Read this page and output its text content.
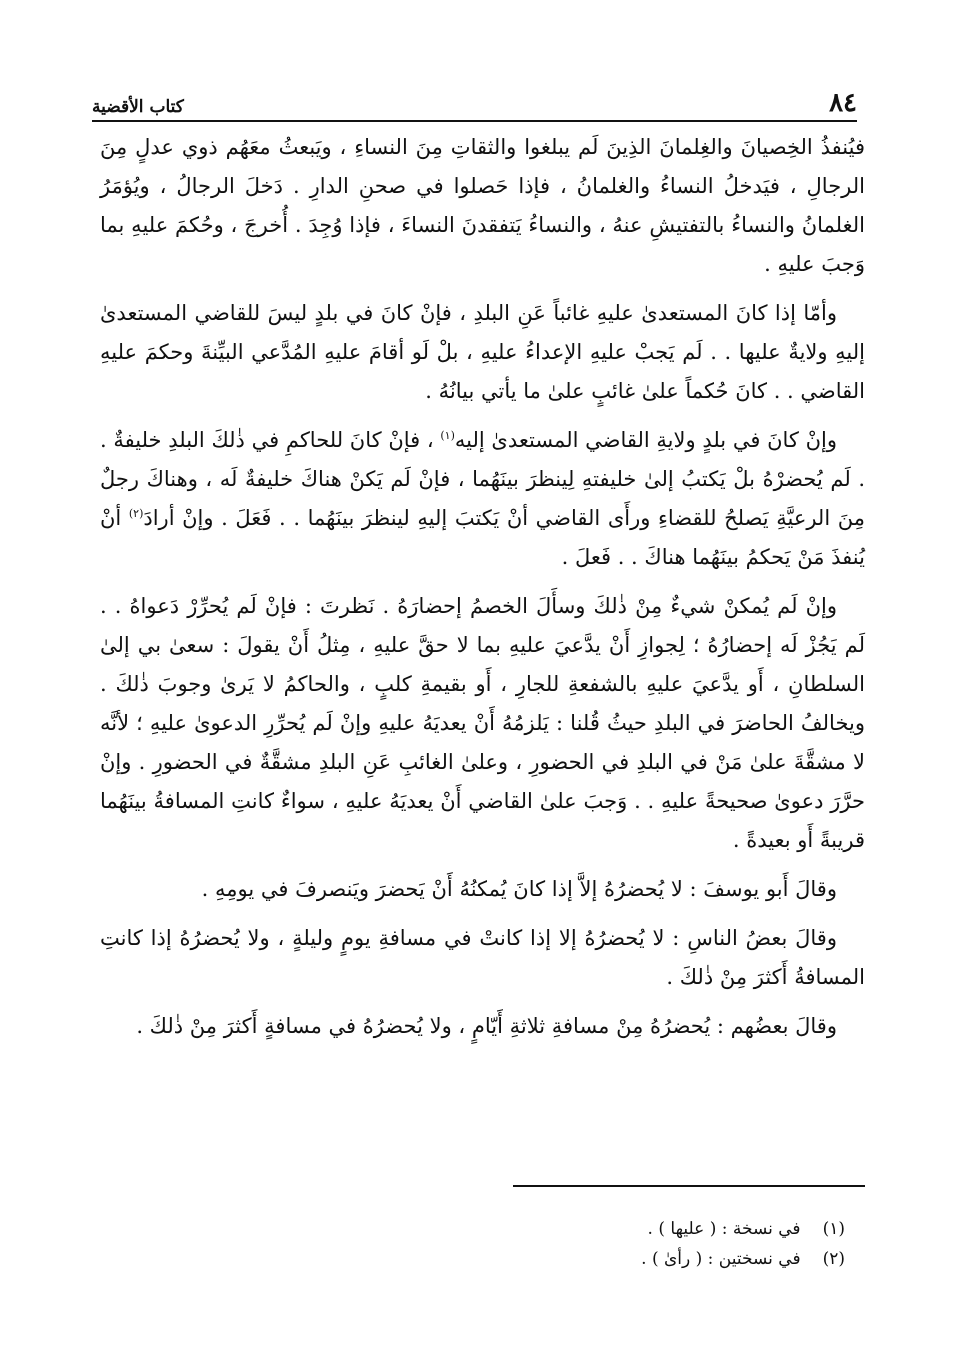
٨٤
كتاب الأقضية

فيُنفذُ الخِصيانَ والغِلمانَ الذِينَ لَم يبلغوا والثقاتِ مِنَ النساءِ ، ويَبعثُ معَهُم ذوي عدلٍ مِنَ الرجالِ ، فيَدخلُ النساءُ والغلمانُ ، فإذا حَصلوا في صحنِ الدارِ . دَخلَ الرجالُ ، ويُؤمَرُ الغلمانُ والنساءُ بالتفتيشِ عنهُ ، والنساءُ يَتفقدنَ النساءَ ، فإذا وُجِدَ . أُخرجَ ، وحُكمَ عليهِ بما وَجبَ عليهِ .

وأمّا إذا كانَ المستعدىٰ عليهِ غائباً عَنِ البلدِ ، فإنْ كانَ في بلدٍ ليسَ للقاضي المستعدىٰ إليهِ ولايةٌ عليها . . لَم يَجبْ عليهِ الإعداءُ عليهِ ، بلْ لَو أقامَ عليهِ المُدَّعي البيِّنةَ وحكمَ عليهِ القاضي . . كانَ حُكماً علىٰ غائبٍ علىٰ ما يأتي بيانُهُ .

وإنْ كانَ في بلدٍ ولايةِ القاضي المستعدىٰ إليه$^{(١)}$ ، فإنْ كانَ للحاكمِ في ذٰلكَ البلدِ خليفةٌ . . لَم يُحضرْهُ بلْ يَكتبُ إلىٰ خليفتهِ لِينظرَ بينَهُما ، فإنْ لَم يَكنْ هناكَ خليفةٌ لَه ، وهناكَ رجلٌ مِنَ الرعيَّةِ يَصلحُ للقضاءِ ورأَى القاضي أنْ يَكتبَ إليهِ لينظرَ بينَهُما . . فَعَلَ . وإنْ أرادَ$^{(٢)}$ أنْ يُنفذَ مَنْ يَحكمُ بينَهُما هناكَ . . فَعلَ .

وإنْ لَم يُمكنْ شيءٌ مِنْ ذٰلكَ وسأَلَ الخصمُ إحضارَهُ . نَظرتَ : فإنْ لَم يُحرِّرْ دَعواهُ . . لَم يَجُزْ لَه إحضارُهُ ؛ لِجوازِ أَنْ يدَّعيَ عليهِ بما لا حقَّ عليهِ ، مِثلُ أَنْ يقولَ : سعىٰ بي إلىٰ السلطانِ ، أَو يدَّعيَ عليهِ بالشفعةِ للجارِ ، أَو بقيمةِ كلبٍ ، والحاكمُ لا يَرىٰ وجوبَ ذٰلكَ . ويخالفُ الحاضرَ في البلدِ حيثُ قُلنا : يَلزمُهُ أَنْ يعديَهُ عليهِ وإنْ لَم يُحرِّرِ الدعوىٰ عليهِ ؛ لأنَّه لا مشقَّةَ علىٰ مَنْ في البلدِ في الحضورِ ، وعلىٰ الغائبِ عَنِ البلدِ مشقَّةٌ في الحضورِ . وإنْ حرَّرَ دعوىٰ صحيحةً عليهِ . . وَجبَ علىٰ القاضي أَنْ يعديَهُ عليهِ ، سواءٌ كانتِ المسافةُ بينَهُما قريبةً أَو بعيدةً .

وقالَ أَبو يوسفَ : لا يُحضرُهُ إلاَّ إذا كانَ يُمكنُهُ أَنْ يَحضرَ ويَنصرفَ في يومِهِ .

وقالَ بعضُ الناسِ : لا يُحضرُهُ إلا إذا كانتْ في مسافةِ يومٍ وليلةٍ ، ولا يُحضرُهُ إذا كانتِ المسافةُ أَكثرَ مِنْ ذٰلكَ .

وقالَ بعضُهم : يُحضرُهُ مِنْ مسافةِ ثلاثةِ أَيّامٍ ، ولا يُحضرُهُ في مسافةٍ أَكثرَ مِنْ ذٰلكَ .

(١)
في نسخة : ( عليها ) .
(٢)
في نسختين : ( رأىٰ ) .
